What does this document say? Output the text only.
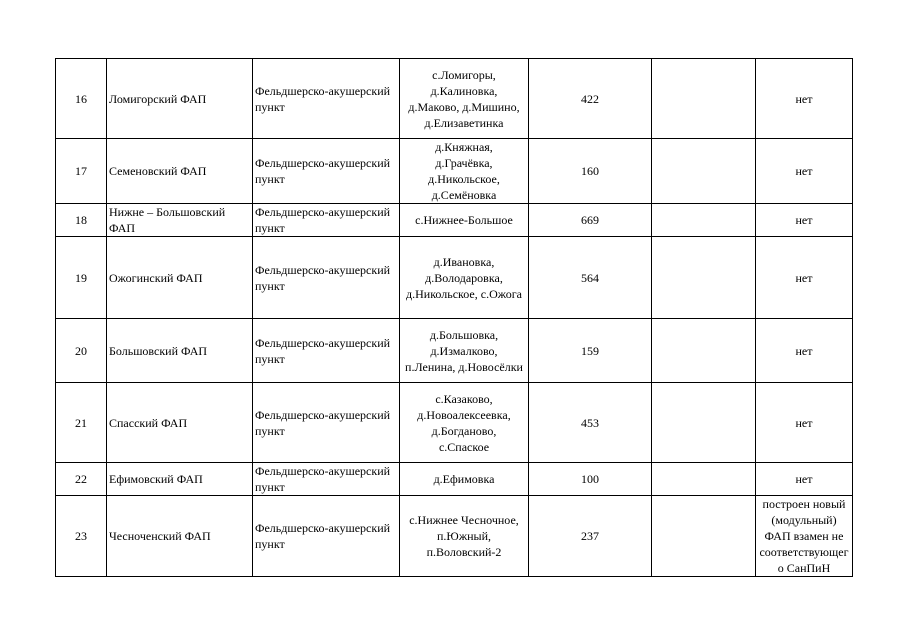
16	Ломигорский ФАП	Фельдшерско-акушерский пункт	с.Ломигоры,
д.Калиновка,
д.Маково, д.Мишино,
д.Елизаветинка	422		нет

17	Семеновский ФАП	Фельдшерско-акушерский пункт	д.Княжная,
д.Грачёвка,
д.Никольское,
д.Семёновка	160		нет

18	Нижне – Большовский ФАП	Фельдшерско-акушерский пункт	с.Нижнее-Большое	669		нет

19	Ожогинский ФАП	Фельдшерско-акушерский пункт	д.Ивановка,
д.Володаровка,
д.Никольское, с.Ожога	564		нет

20	Большовский ФАП	Фельдшерско-акушерский пункт	д.Большовка,
д.Измалково,
п.Ленина, д.Новосёлки	159		нет

21	Спасский ФАП	Фельдшерско-акушерский пункт	с.Казаково,
д.Новоалексеевка,
д.Богданово,
с.Спаское	453		нет

22	Ефимовский ФАП	Фельдшерско-акушерский пункт	д.Ефимовка	100		нет

23	Чесноченский ФАП	Фельдшерско-акушерский пункт	с.Нижнее Чесночное,
п.Южный,
п.Воловский-2	237		построен новый
(модульный)
ФАП взамен не
соответствующег
о СанПиН
